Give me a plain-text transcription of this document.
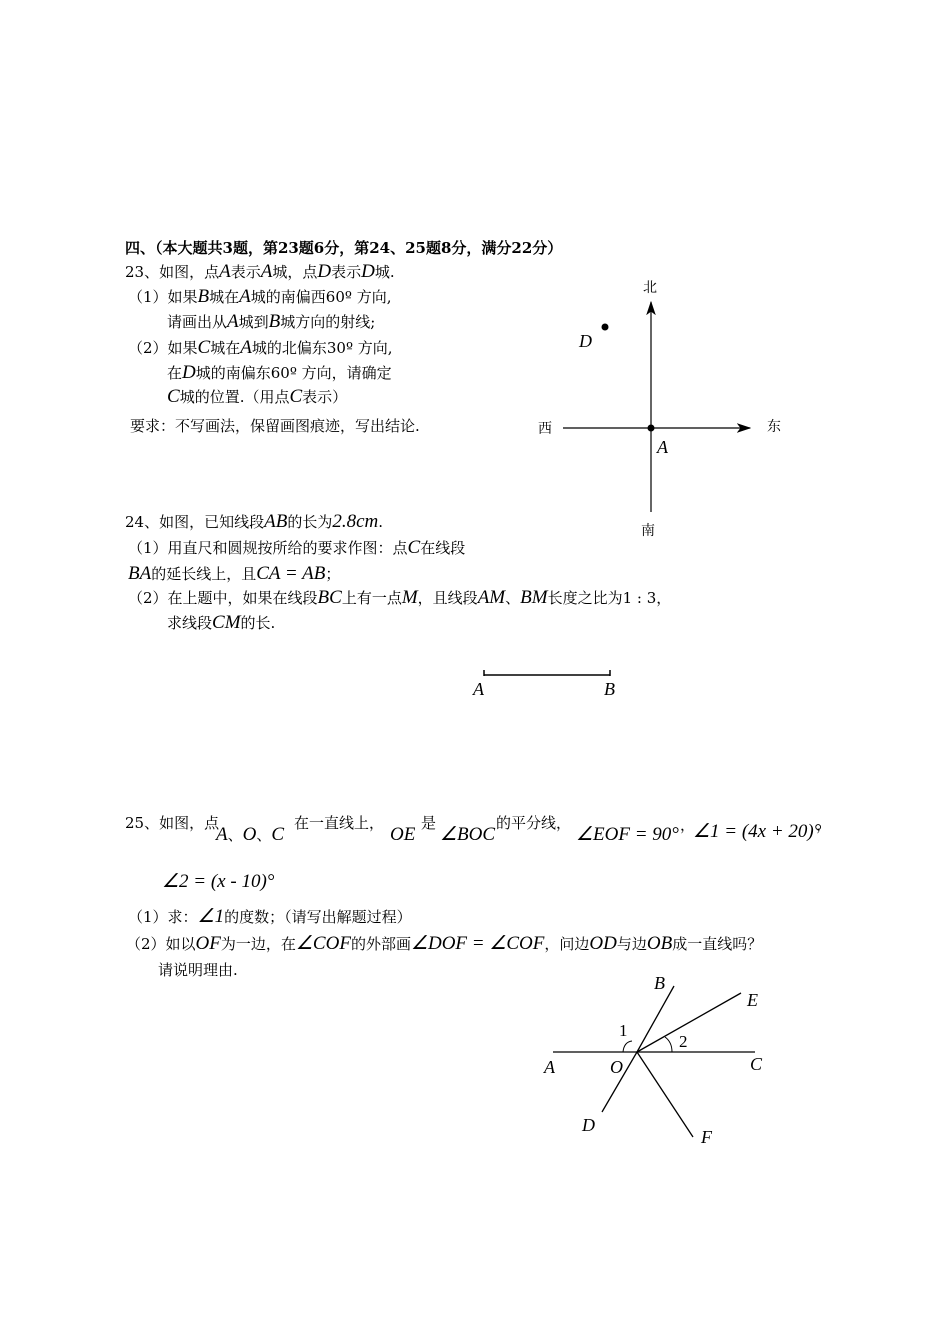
四、（本大题共3题，第23题6分，第24、25题8分，满分22分）
23、如图，点A表示A城，点D表示D城.
（1）如果B城在A城的南偏西60º 方向,
请画出从A城到B城方向的射线;
（2）如果C城在A城的北偏东30º 方向,
在D城的南偏东60º 方向，请确定
C城的位置.（用点C表示）
要求：不写画法，保留画图痕迹，写出结论.
北
南
西	东
A
D
24、如图，已知线段AB的长为2.8cm.
（1）用直尺和圆规按所给的要求作图：点C在线段
BA的延长线上，且CA = AB；
（2）在上题中，如果在线段BC上有一点M，且线段AM、BM长度之比为1 : 3，
求线段CM的长.
A	B
25、如图，点
A、O、C
在一直线上，
OE
是
∠BOC
的平分线，
∠EOF = 90° ，
∠1 = (4x + 20)°
，
∠2 = (x - 10)°
（1）求：∠1的度数；（请写出解题过程）
（2）如以OF为一边，在∠COF的外部画∠DOF = ∠COF，问边OD与边OB成一直线吗？
请说明理由.
B
E
C
A	O
D
F
1
2
